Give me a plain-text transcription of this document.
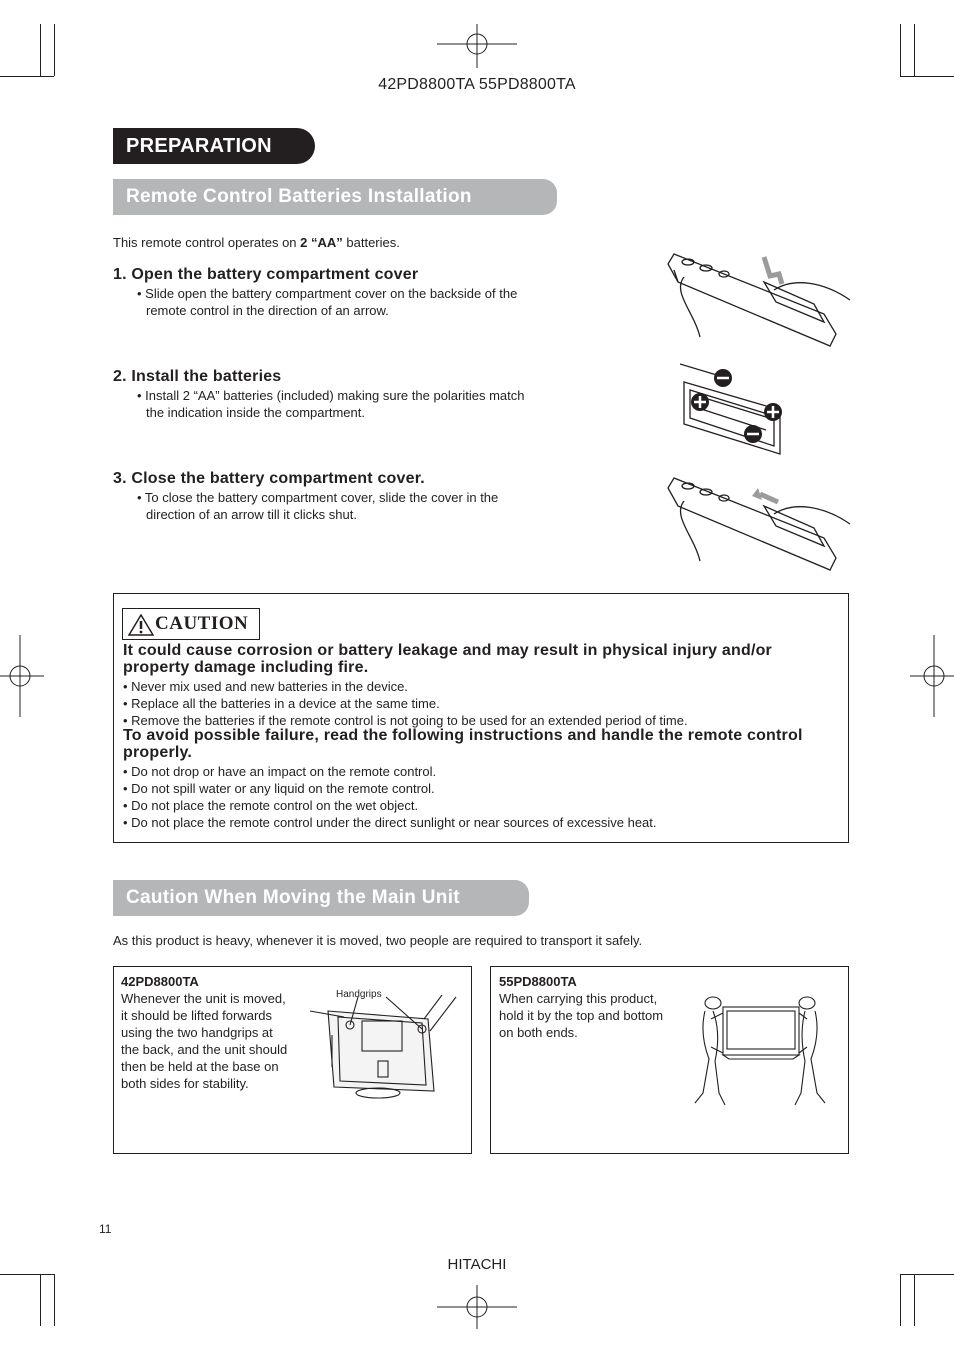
42PD8800TA 55PD8800TA
PREPARATION
Remote Control Batteries Installation
This remote control operates on 2 “AA” batteries.
1. Open the battery compartment cover
• Slide open the battery compartment cover on the backside of the
remote control in the direction of an arrow.
2. Install the batteries
• Install 2 “AA” batteries (included) making sure the polarities match
the indication inside the compartment.
3. Close the battery compartment cover.
• To close the battery compartment cover, slide the cover in the
direction of an arrow till it clicks shut.
CAUTION
It could cause corrosion or battery leakage and may result in physical injury and/or property damage including fire.
• Never mix used and new batteries in the device.
• Replace all the batteries in a device at the same time.
• Remove the batteries if the remote control is not going to be used for an extended period of time.
To avoid possible failure, read the following instructions and handle the remote control properly.
• Do not drop or have an impact on the remote control.
• Do not spill water or any liquid on the remote control.
• Do not place the remote control on the wet object.
• Do not place the remote control under the direct sunlight or near sources of excessive heat.
Caution When Moving the Main Unit
As this product is heavy, whenever it is moved, two people are required to transport it safely.
42PD8800TA
Whenever the unit is moved,
it should be lifted forwards
using the two handgrips at
the back, and the unit should
then be held at the base on
both sides for stability.
Handgrips
55PD8800TA
When carrying this product,
hold it by the top and bottom
on both ends.
11
HITACHI
